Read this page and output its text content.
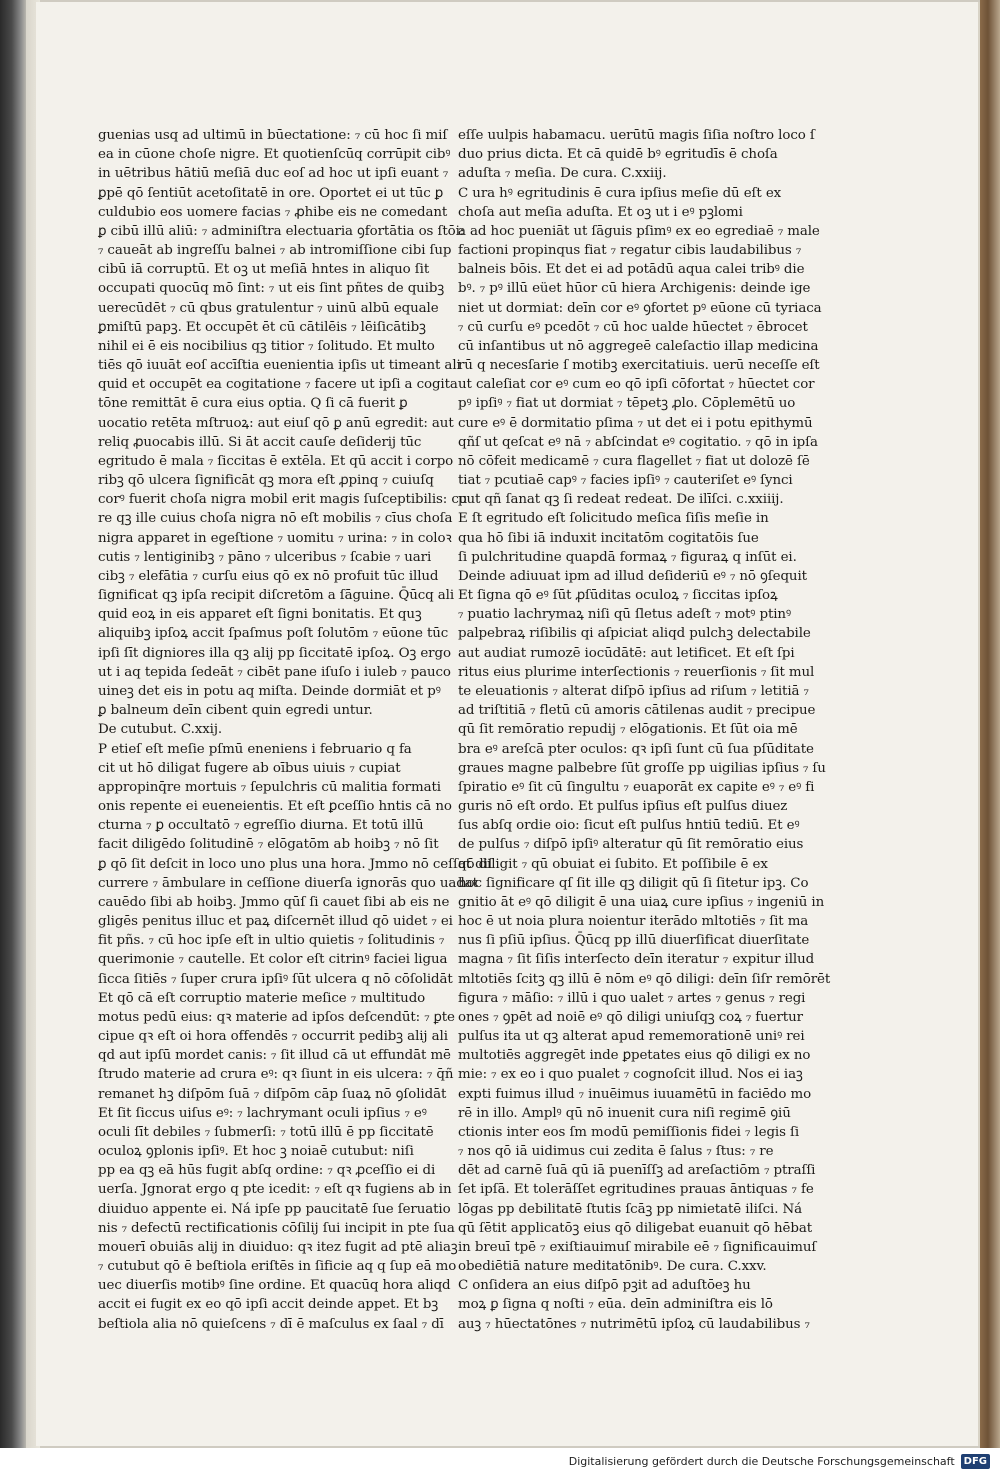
guenias usq ad ultimū in būectatione: ₇ cū hoc ſi miſ
ea in cūone choſe nigre. Et quotienſcūq corrūpit cibꝰ
in uētribus hātiū meſiā duc eoſ ad hoc ut ipſi euant ₇
ꝑpē qō ſentiūt acetoſitatē in ore. Oportet ei ut tūc ꝑ
culdubio eos uomere facias ₇ ꝓhibe eis ne comedant
ꝑ cibū illū aliū: ₇ adminiſtra electuaria ꝯfortātia os ſtōi:
₇ caueāt ab ingreſſu balnei ₇ ab intromiſſione cibi ſup
cibū iā corruptū. Et oꝫ ut meſiā hntes in aliquo ſit
occupati quocūq mō ſint: ₇ ut eis ſint pñtes de quibꝫ
uerecūdēt ₇ cū qbus gratulentur ₇ uinū albū equale
ꝑmiſtū papꝫ. Et occupēt ēt cū cātilēis ₇ lēiſicātibꝫ
nihil ei ē eis nocibilius qꝫ titior ₇ ſolitudo. Et multo
tiēs qō iuuāt eoſ accīſtia euenientia ipſis ut timeant ali
quid et occupēt ea cogitatione ₇ facere ut ipſi a cogita
tōne remittāt ē cura eius optia. Q ſi cā fuerit ꝑ
uocatio retēta mſtruoꝝ: aut eiuſ qō ꝑ anū egredit: aut
reliq ꝓuocabis illū. Si āt accit cauſe deſiderij tūc
egritudo ē mala ₇ ſiccitas ē extēla. Et qū accit i corpo
ribꝫ qō ulcera ſignificāt qꝫ mora eſt ꝓpinq ₇ cuiuſq
corꝰ fuerit choſa nigra mobil erit magis ſuſceptibilis: cu
re qꝫ ille cuius choſa nigra nō eſt mobilis ₇ cīus choſa
nigra apparet in egeſtione ₇ uomitu ₇ urina: ₇ in coloꝛ
cutis ₇ lentiginibꝫ ₇ pāno ₇ ulceribus ₇ ſcabie ₇ uari
cibꝫ ₇ elefātia ₇ curſu eius qō ex nō profuit tūc illud
ſignificat qꝫ ipſa recipit diſcretōm a ſāguine. Q̄ūcq ali
quid eoꝝ in eis apparet eſt ſigni bonitatis. Et quꝫ
aliquibꝫ ipſoꝝ accit ſpaſmus poſt ſolutōm ₇ eūone tūc
ipſi ſīt digniores illa qꝫ alij pp ſiccitatē ipſoꝝ. Oꝫ ergo
ut i aq tepida ſedeāt ₇ cibēt pane iſuſo i iuleb ₇ pauco
uineꝫ det eis in potu aq miſta. Deinde dormiāt et pꝰ
ꝑ balneum deīn cibent quin egredi untur.
De cutubut. C.xxij.
P etieſ eſt meſie pſmū eneniens i februario q fa
cit ut hō diligat fugere ab oībus uiuis ₇ cupiat
appropinq̄re mortuis ₇ ſepulchris cū malitia formati
onis repente ei eueneientis. Et eſt ꝑceſſio hntis cā no
cturna ₇ ꝑ occultatō ₇ egreſſio diurna. Et totū illū
facit diligēdo ſolitudinē ₇ elōgatōm ab hoibꝫ ₇ nō ſit
ꝑ qō ſit deſcit in loco uno plus una hora. Jmmo nō ceſſat diſ
currere ₇ āmbulare in ceſſione diuerſa ignorās quo uadat
cauēdo ſibi ab hoibꝫ. Jmmo qūſ ſi cauet ſibi ab eis ne
gligēs penitus illuc et paꝝ diſcernēt illud qō uidet ₇ ei
fit pñs. ₇ cū hoc ipſe eſt in ultio quietis ₇ ſolitudinis ₇
querimonie ₇ cautelle. Et color eſt citrinꝰ faciei ligua
ſicca ſitiēs ₇ ſuper crura ipſiꝰ ſūt ulcera q nō cōſolidāt
Et qō cā eſt corruptio materie meſice ₇ multitudo
motus pedū eius: qꝛ materie ad ipſos deſcendūt: ₇ ꝑte
cipue qꝛ eſt oi hora offendēs ₇ occurrit pedibꝫ alij ali
qd aut ipſū mordet canis: ₇ ſit illud cā ut effundāt mē
ſtrudo materie ad crura eꝰ: qꝛ ſiunt in eis ulcera: ₇ q̄ñ
remanet hꝫ diſpōm ſuā ₇ diſpōm cāp ſuaꝝ nō ꝯſolidāt
Et ſit ſiccus uiſus eꝰ: ₇ lachrymant oculi ipſius ₇ eꝰ
oculi ſīt debiles ₇ ſubmerſi: ₇ totū illū ē pp ſiccitatē
oculoꝝ ꝯplonis ipſiꝰ. Et hoc ꝫ noiaē cutubut: niſi
pp ea qꝫ eā hūs fugit abſq ordine: ₇ qꝛ ꝓceſſio ei di
uerſa. Jgnorat ergo q pte icedit: ₇ eſt qꝛ fugiens ab in
diuiduo appente ei. Ná ipſe pp paucitatē ſue ſeruatio
nis ₇ defectū rectificationis cōſilij ſui incipit in pte ſua
mouerī obuiās alij in diuiduo: qꝛ itez fugit ad ptē aliaꝫ
₇ cutubut qō ē beſtiola eriſtēs in ſificie aq q ſup eā mo
uec diuerſis motibꝰ ſine ordine. Et quacūq hora aliqd
accit ei fugit ex eo qō ipſi accit deinde appet. Et bꝫ
beſtiola alia nō quieſcens ₇ dī ē maſculus ex ſaal ₇ dī
eſſe uulpis habamacu. uerūtū magis ſiſia noſtro loco ſ
duo prius dicta. Et cā quidē bꝰ egritudīs ē choſa
aduſta ₇ meſia. De cura. C.xxiij.
C ura hꝰ egritudinis ē cura ipſius meſie dū eſt ex
choſa aut meſia aduſta. Et oꝫ ut i eꝰ pꝫlomi
a ad hoc pueniāt ut ſāguis pſimꝰ ex eo egrediaē ₇ male
factioni propinqus fiat ₇ regatur cibis laudabilibus ₇
balneis bōis. Et det ei ad potādū aqua calei tribꝰ die
bꝰ. ₇ pꝰ illū eüet hūor cū hiera Archigenis: deinde ige
niet ut dormiat: deīn cor eꝰ ꝯfortet pꝰ eūone cū tyriaca
₇ cū curſu eꝰ pcedōt ₇ cū hoc ualde hūectet ₇ ēbrocet
cū inſantibus ut nō aggregeē caleſactio illap medicina
rū q necesſarie ſ motibꝫ exercitatiuis. uerū neceſſe eſt
ut caleſiat cor eꝰ cum eo qō ipſi cōfortat ₇ hūectet cor
pꝰ ipſiꝰ ₇ fiat ut dormiat ₇ tēpetꝫ ꝓlo. Cōplemētū uo
cure eꝰ ē dormitatio pſima ₇ ut det ei i potu epithymū
qñſ ut qeſcat eꝰ nā ₇ abſcindat eꝰ cogitatio. ₇ qō in ipſa
nō cōfeit medicamē ₇ cura flagellet ₇ fiat ut dolozē ſē
tiat ₇ pcutiaē capꝰ ₇ facies ipſiꝰ ₇ cauteriſet eꝰ ſynci
put qñ ſanat qꝫ ſi redeat redeat. De ilīſci. c.xxiiij.
E ſt egritudo eſt ſolicitudo meſica ſiſis meſie in
qua hō ſibi iā induxit incitatōm cogitatōis ſue
ſi pulchritudine quapdā formaꝝ ₇ figuraꝝ q inſūt ei.
Deinde adiuuat ipm ad illud deſideriū eꝰ ₇ nō ꝯſequit
Et ſigna qō eꝰ ſūt ꝓſūditas oculoꝝ ₇ ſiccitas ipſoꝝ
₇ puatio lachrymaꝝ niſi qū ſletus adeſt ₇ motꝰ ptinꝰ
palpebraꝝ riſibilis qi aſpiciat aliqd pulchꝫ delectabile
aut audiat rumozē iocūdātē: aut letificet. Et eſt ſpi
ritus eius plurime interſectionis ₇ reuerſionis ₇ ſit mul
te eleuationis ₇ alterat diſpō ipſius ad riſum ₇ letitiā ₇
ad triſtitiā ₇ fletū cū amoris cātilenas audit ₇ precipue
qū ſit remōratio repudij ₇ elōgationis. Et ſūt oia mē
bra eꝰ areſcā pter oculos: qꝛ ipſi ſunt cū ſua pſūditate
graues magne palbebre ſūt groſſe pp uigilias ipſius ₇ ſu
ſpiratio eꝰ ſit cū ſingultu ₇ euaporāt ex capite eꝰ ₇ eꝰ fi
guris nō eſt ordo. Et pulſus ipſius eſt pulſus diuez
ſus abſq ordie oio: ſicut eſt pulſus hntiū tediū. Et eꝰ
de pulſus ₇ diſpō ipſiꝰ alteratur qū ſit remōratio eius
qō diligit ₇ qū obuiat ei ſubito. Et poſſibile ē ex
hoc ſignificare qſ ſit ille qꝫ diligit qū ſi ſitetur ipꝫ. Co
gnitio āt eꝰ qō diligit ē una uiaꝝ cure ipſius ₇ ingeniū in
hoc ē ut noia plura noientur iterādo mltotiēs ₇ ſit ma
nus ſi pſiū ipſius. Q̄ūcq pp illū diuerſificat diuerſitate
magna ₇ ſit ſiſis interſecto deīn iteratur ₇ expitur illud
mltotiēs ſcitꝫ qꝫ illū ē nōm eꝰ qō diligi: deīn ſiſr remōrēt
figura ₇ māſio: ₇ illū i quo ualet ₇ artes ₇ genus ₇ regi
ones ₇ ꝯpēt ad noiē eꝰ qō diligi uniuſqꝫ coꝝ ₇ fuertur
pulſus ita ut qꝫ alterat apud rememorationē uniꝰ rei
multotiēs aggregēt inde ꝑpetates eius qō diligi ex no
mie: ₇ ex eo i quo pualet ₇ cognoſcit illud. Nos ei iaꝫ
expti fuimus illud ₇ inuēimus iuuamētū in faciēdo mo
rē in illo. Amplꝰ qū nō inuenit cura niſi regimē ꝯiū
ctionis inter eos ſm modū pemiſſionis fidei ₇ legis ſi
₇ nos qō iā uidimus cui zedita ē ſalus ₇ ſtus: ₇ re
dēt ad carnē ſuā qū iā puenīſſꝫ ad areſactiōm ₇ ptraſſi
ſet ipſā. Et tolerāſſet egritudines prauas āntiquas ₇ fe
lōgas pp debilitatē ſtutis ſcāꝫ pp nimietatē iliſci. Ná
qū ſētit applicatōꝫ eius qō diligebat euanuit qō hēbat
in breuī tpē ₇ exiſtiauimuſ mirabile eē ₇ ſignificauimuſ
obediētiā nature meditatōnibꝰ. De cura. C.xxv.
C onſidera an eius diſpō pꝫit ad aduſtōeꝫ hu
moꝝ ꝑ ſigna q noſti ₇ eūa. deīn adminiſtra eis lō
auꝫ ₇ hūectatōnes ₇ nutrimētū ipſoꝝ cū laudabilibus ₇
Digitalisierung gefördert durch die Deutsche Forschungsgemeinschaft DFG
